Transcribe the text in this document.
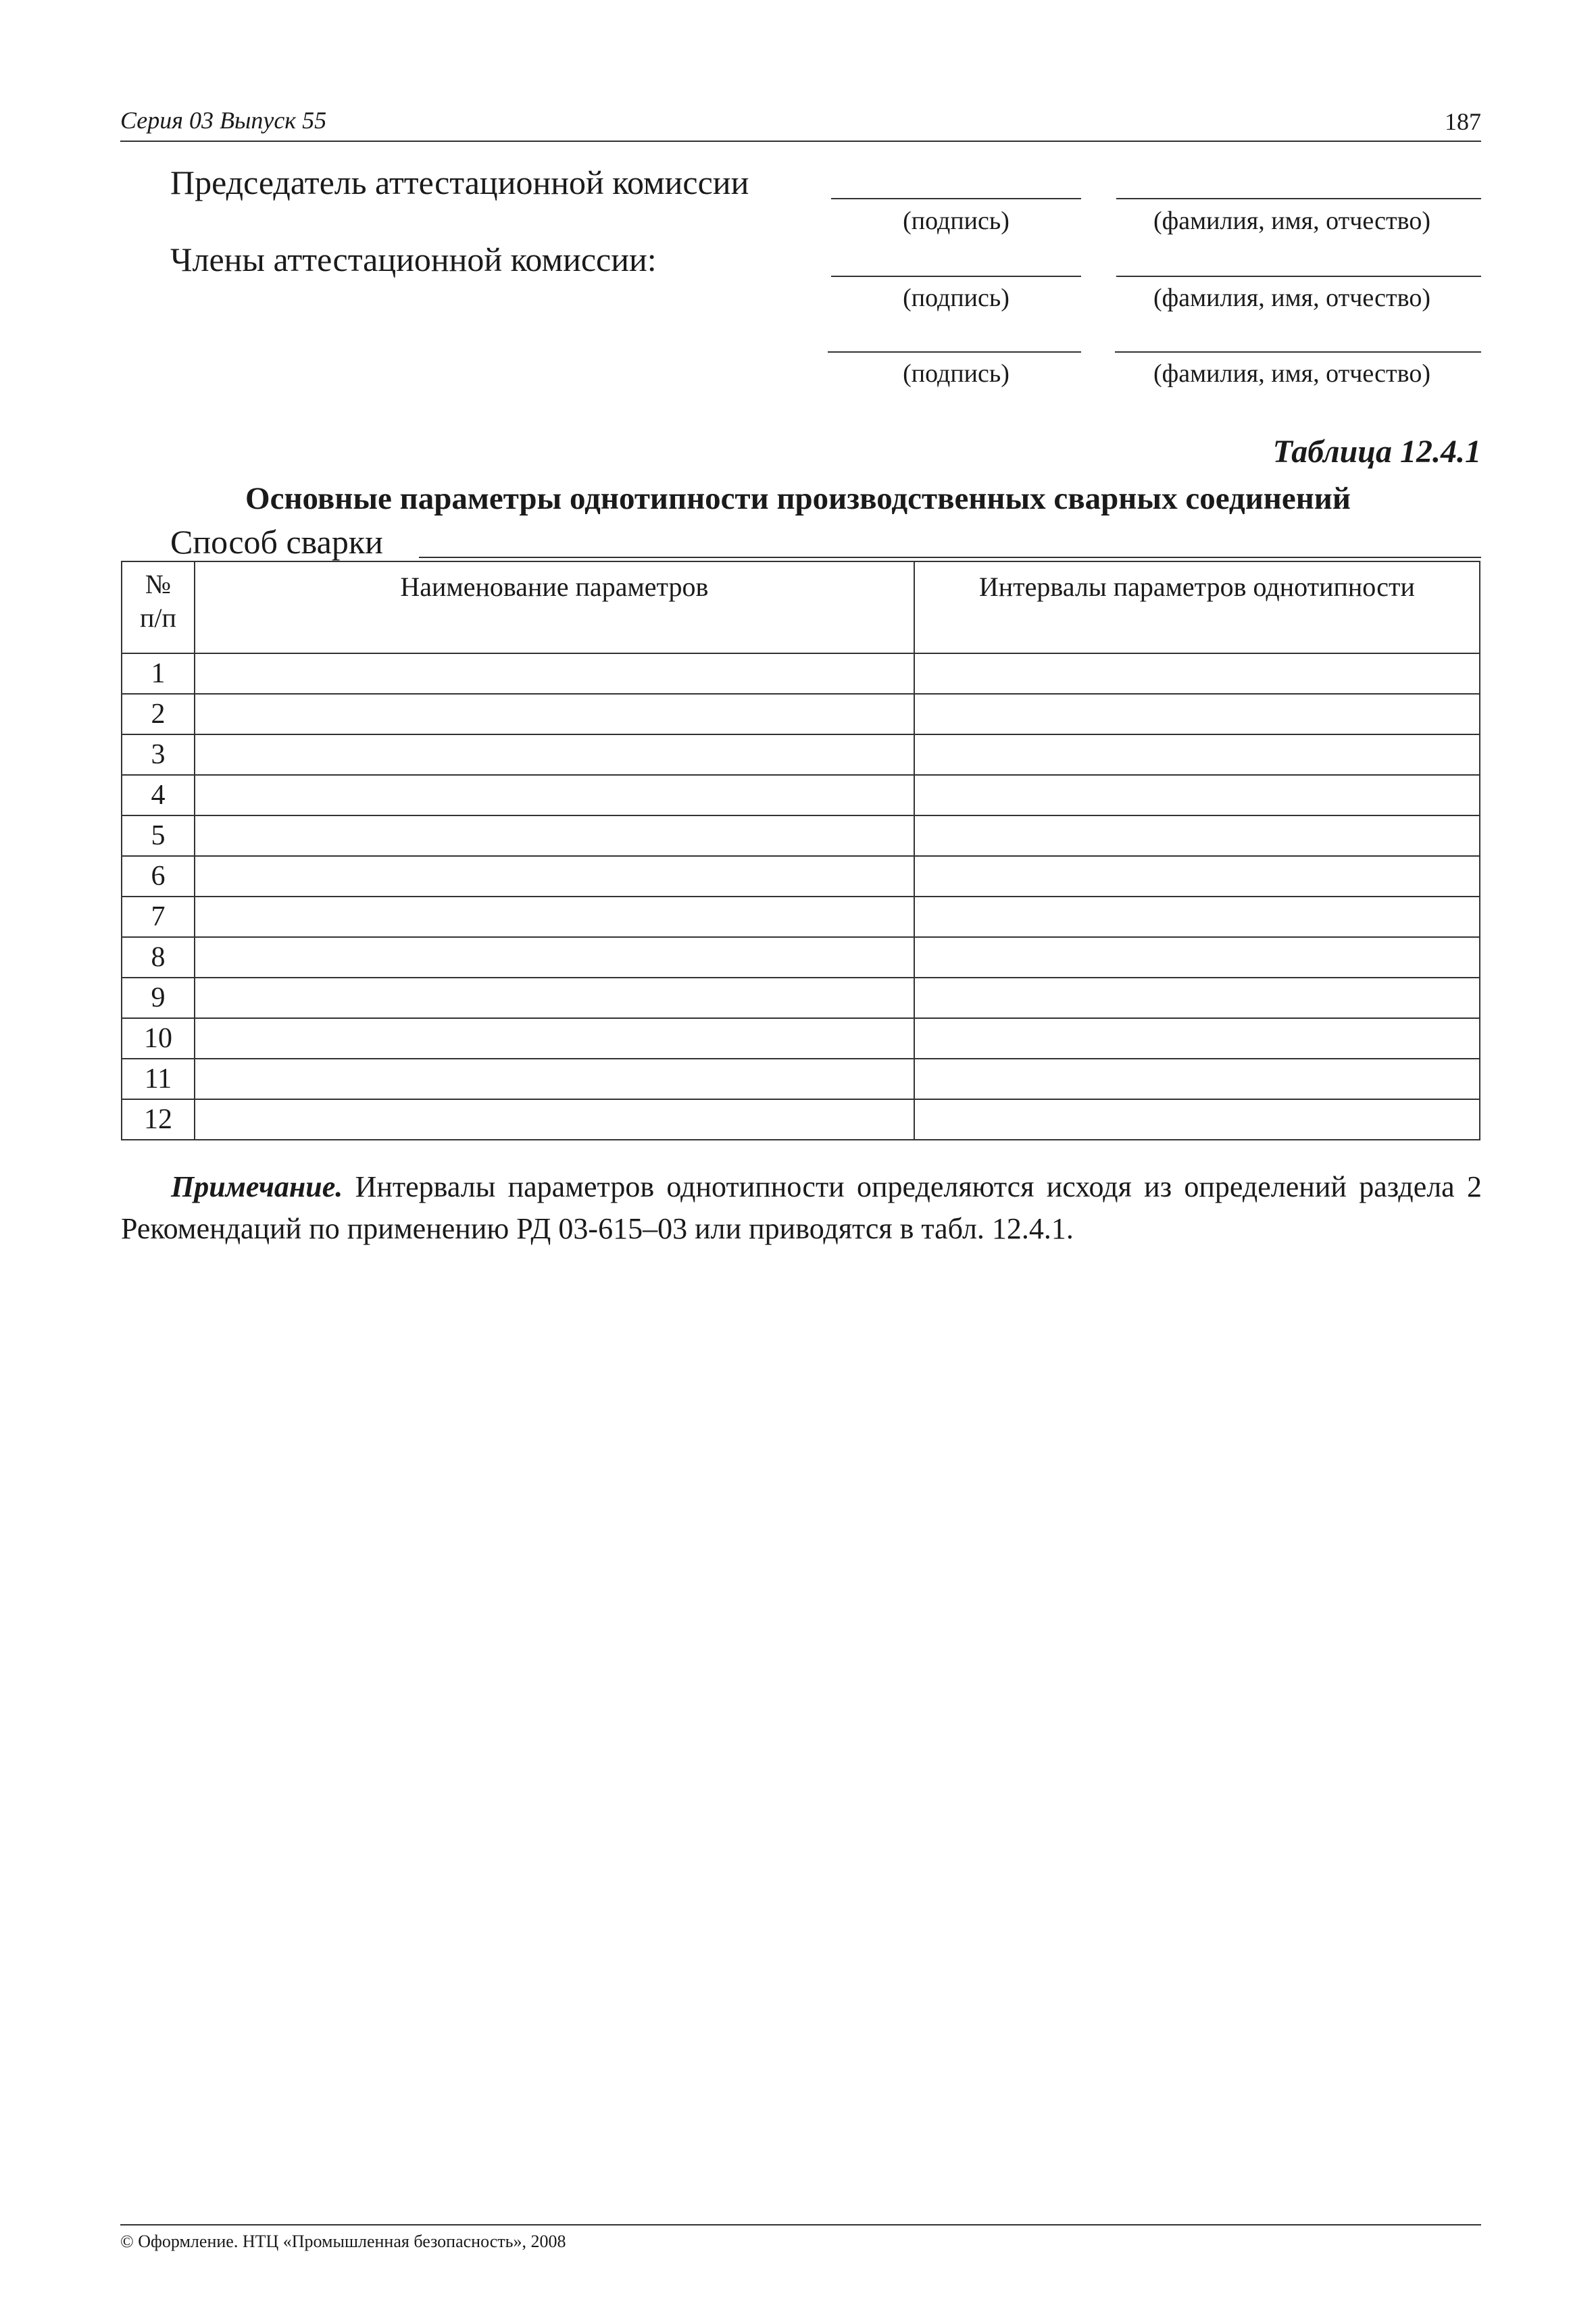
Серия 03 Выпуск 55	187
Председатель аттестационной комиссии
(подпись)	(фамилия, имя, отчество)
Члены аттестационной комиссии:
(подпись)	(фамилия, имя, отчество)
(подпись)	(фамилия, имя, отчество)
Таблица 12.4.1
Основные параметры однотипности производственных сварных соединений
Способ сварки
№
п/п	Наименование параметров	Интервалы параметров однотипности
1		
2		
3		
4		
5		
6		
7		
8		
9		
10		
11		
12		
Примечание. Интервалы параметров однотипности определяются исходя из определений раздела 2 Рекомендаций по применению РД 03-615–03 или приводятся в табл. 12.4.1.
© Оформление. НТЦ «Промышленная безопасность», 2008
